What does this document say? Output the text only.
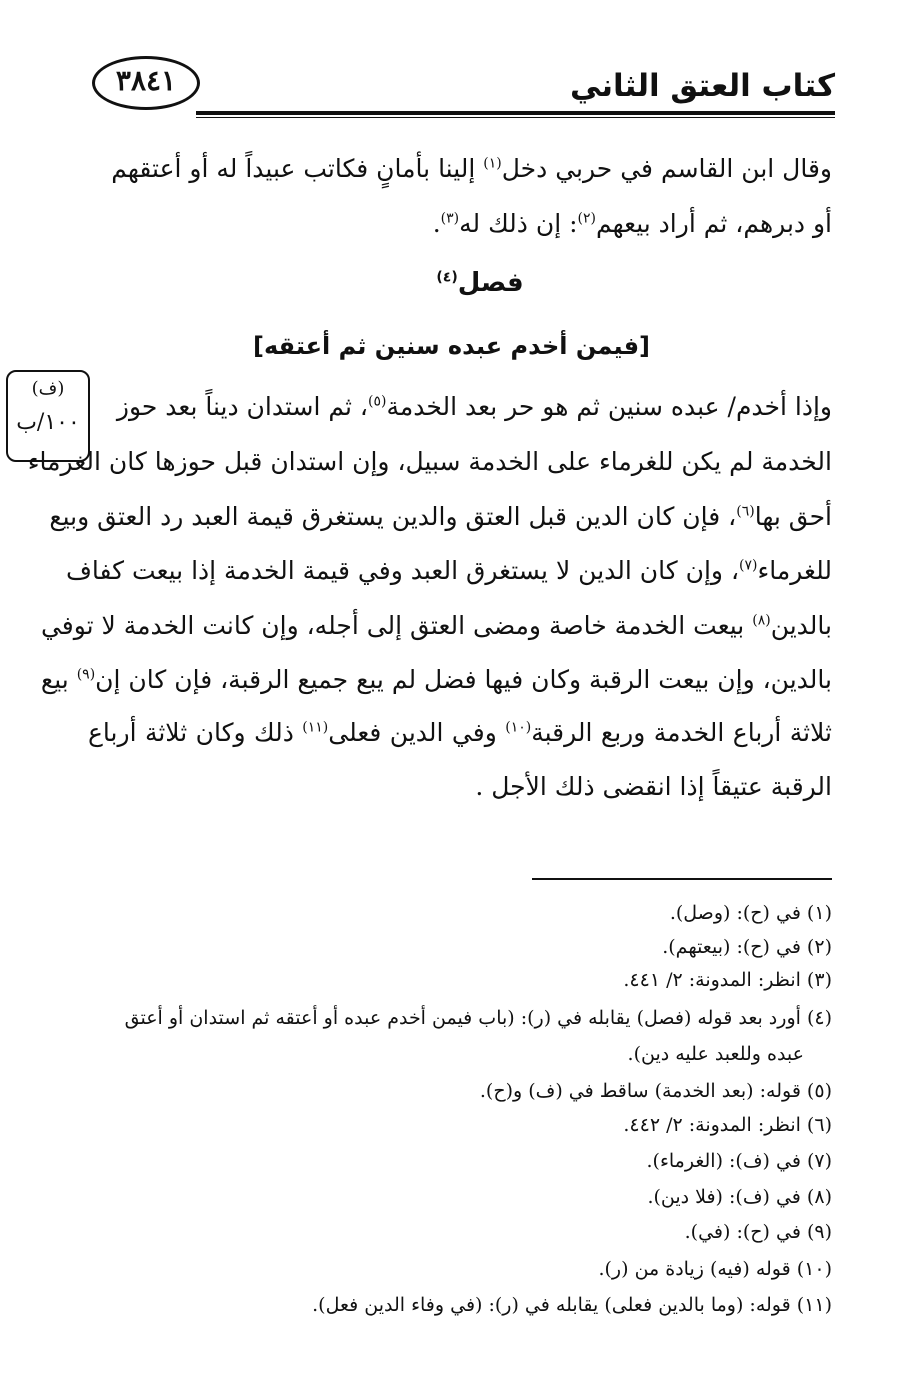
٣٨٤١	كتاب العتق الثاني
وقال ابن القاسم في حربي دخل$^{(١)}$ إلينا بأمانٍ فكاتب عبيداً له أو أعتقهم
أو دبرهم، ثم أراد بيعهم$^{(٢)}$: إن ذلك له$^{(٣)}$.
فصل$^{(٤)}$
[فيمن أخدم عبده سنين ثم أعتقه]
وإذا أخدم/ عبده سنين ثم هو حر بعد الخدمة$^{(٥)}$، ثم استدان ديناً بعد حوز
الخدمة لم يكن للغرماء على الخدمة سبيل، وإن استدان قبل حوزها كان الغرماء
أحق بها$^{(٦)}$، فإن كان الدين قبل العتق والدين يستغرق قيمة العبد رد العتق وبيع
للغرماء$^{(٧)}$، وإن كان الدين لا يستغرق العبد وفي قيمة الخدمة إذا بيعت كفاف
بالدين$^{(٨)}$ بيعت الخدمة خاصة ومضى العتق إلى أجله، وإن كانت الخدمة لا توفي
بالدين، وإن بيعت الرقبة وكان فيها فضل لم يبع جميع الرقبة، فإن كان إن$^{(٩)}$ بيع
ثلاثة أرباع الخدمة وربع الرقبة$^{(١٠)}$ وفي الدين فعلى$^{(١١)}$ ذلك وكان ثلاثة أرباع
الرقبة عتيقاً إذا انقضى ذلك الأجل .
(ف)
١٠٠/ب
(١) في (ح): (وصل).
(٢) في (ح): (بيعتهم).
(٣) انظر: المدونة: ٢/ ٤٤١.
(٤) أورد بعد قوله (فصل) يقابله في (ر): (باب فيمن أخدم عبده أو أعتقه ثم استدان أو أعتق
عبده وللعبد عليه دين).
(٥) قوله: (بعد الخدمة) ساقط في (ف) و(ح).
(٦) انظر: المدونة: ٢/ ٤٤٢.
(٧) في (ف): (الغرماء).
(٨) في (ف): (فلا دين).
(٩) في (ح): (في).
(١٠) قوله (فيه) زيادة من (ر).
(١١) قوله: (وما بالدين فعلى) يقابله في (ر): (في وفاء الدين فعل).
